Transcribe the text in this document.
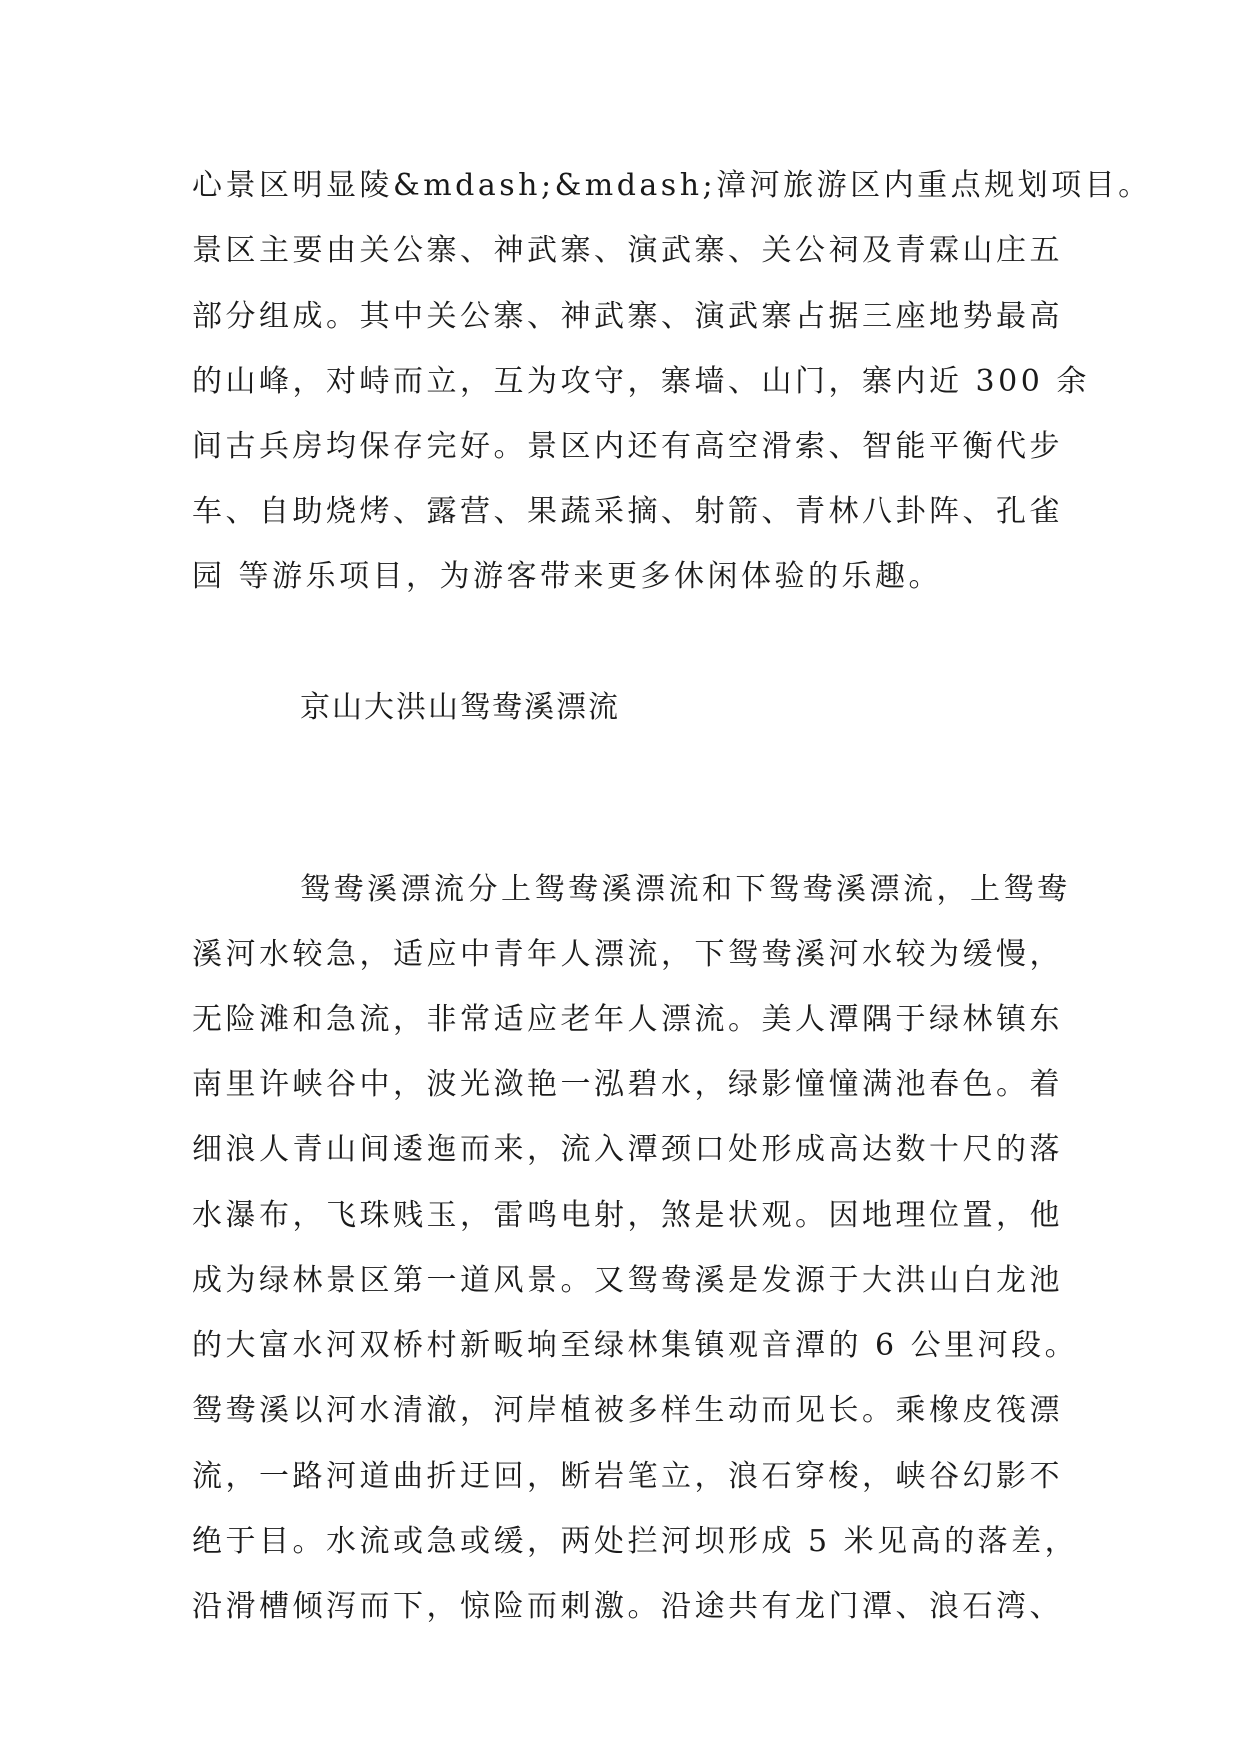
心景区明显陵&mdash;&mdash;漳河旅游区内重点规划项目。
景区主要由关公寨、神武寨、演武寨、关公祠及青霖山庄五
部分组成。其中关公寨、神武寨、演武寨占据三座地势最高
的山峰，对峙而立，互为攻守，寨墙、山门，寨内近 300 余
间古兵房均保存完好。景区内还有高空滑索、智能平衡代步
车、自助烧烤、露营、果蔬采摘、射箭、青林八卦阵、孔雀
园 等游乐项目，为游客带来更多休闲体验的乐趣。
京山大洪山鸳鸯溪漂流
鸳鸯溪漂流分上鸳鸯溪漂流和下鸳鸯溪漂流，上鸳鸯
溪河水较急，适应中青年人漂流，下鸳鸯溪河水较为缓慢，
无险滩和急流，非常适应老年人漂流。美人潭隅于绿林镇东
南里许峡谷中，波光潋艳一泓碧水，绿影憧憧满池春色。着
细浪人青山间逶迤而来，流入潭颈口处形成高达数十尺的落
水瀑布，飞珠贱玉，雷鸣电射，煞是状观。因地理位置，他
成为绿林景区第一道风景。又鸳鸯溪是发源于大洪山白龙池
的大富水河双桥村新畈垧至绿林集镇观音潭的 6 公里河段。
鸳鸯溪以河水清澈，河岸植被多样生动而见长。乘橡皮筏漂
流，一路河道曲折迂回，断岩笔立，浪石穿梭，峡谷幻影不
绝于目。水流或急或缓，两处拦河坝形成 5 米见高的落差，
沿滑槽倾泻而下，惊险而刺激。沿途共有龙门潭、浪石湾、
